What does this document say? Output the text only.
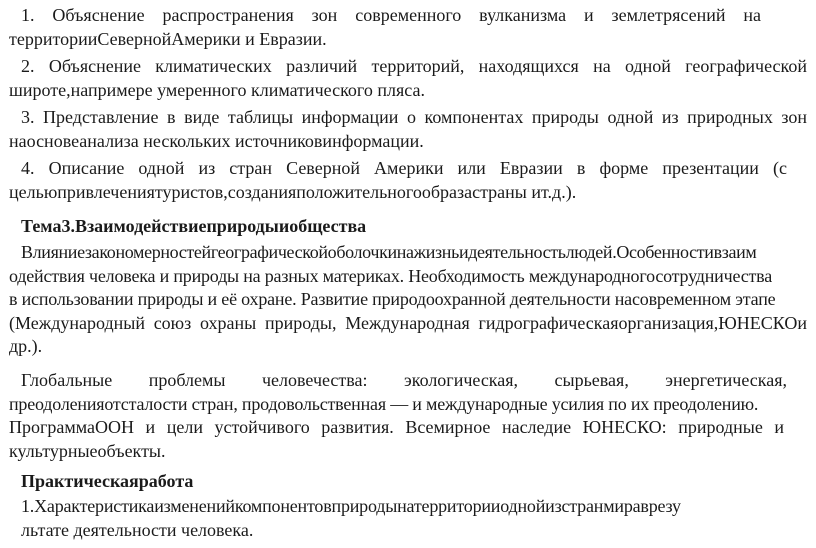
1. Объяснение распространения зон современного вулканизма и землетрясений на
территорииСевернойАмерики и Евразии.

2. Объяснение климатических различий территорий, находящихся на одной географической
широте,напримере умеренного климатического пляса.

3. Представление в виде таблицы информации о компонентах природы одной из природных зон
наосновеанализа нескольких источниковинформации.

4. Описание одной из стран Северной Америки или Евразии в форме презентации (с
цельюпривлечениятуристов,созданияположительногообразастраны ит.д.).

Тема3.Взаимодействиеприродыиобщества

Влияниезакономерностейгеографическойоболочкинажизньидеятельностьлюдей.Особенностивзаим
одействия человека и природы на разных материках. Необходимость международногосотрудничества
в использовании природы и её охране. Развитие природоохранной деятельности насовременном этапе
(Международный союз охраны природы, Международная гидрографическаяорганизация,ЮНЕСКОи
др.).

Глобальные проблемы человечества: экологическая, сырьевая, энергетическая,
преодоленияотсталости стран, продовольственная — и международные усилия по их преодолению.
ПрограммаООН и цели устойчивого развития. Всемирное наследие ЮНЕСКО: природные и
культурныеобъекты.

Практическаяработа

1.Характеристикаизмененийкомпонентовприродынатерриторииоднойизстранмираврезу
льтате деятельности человека.
